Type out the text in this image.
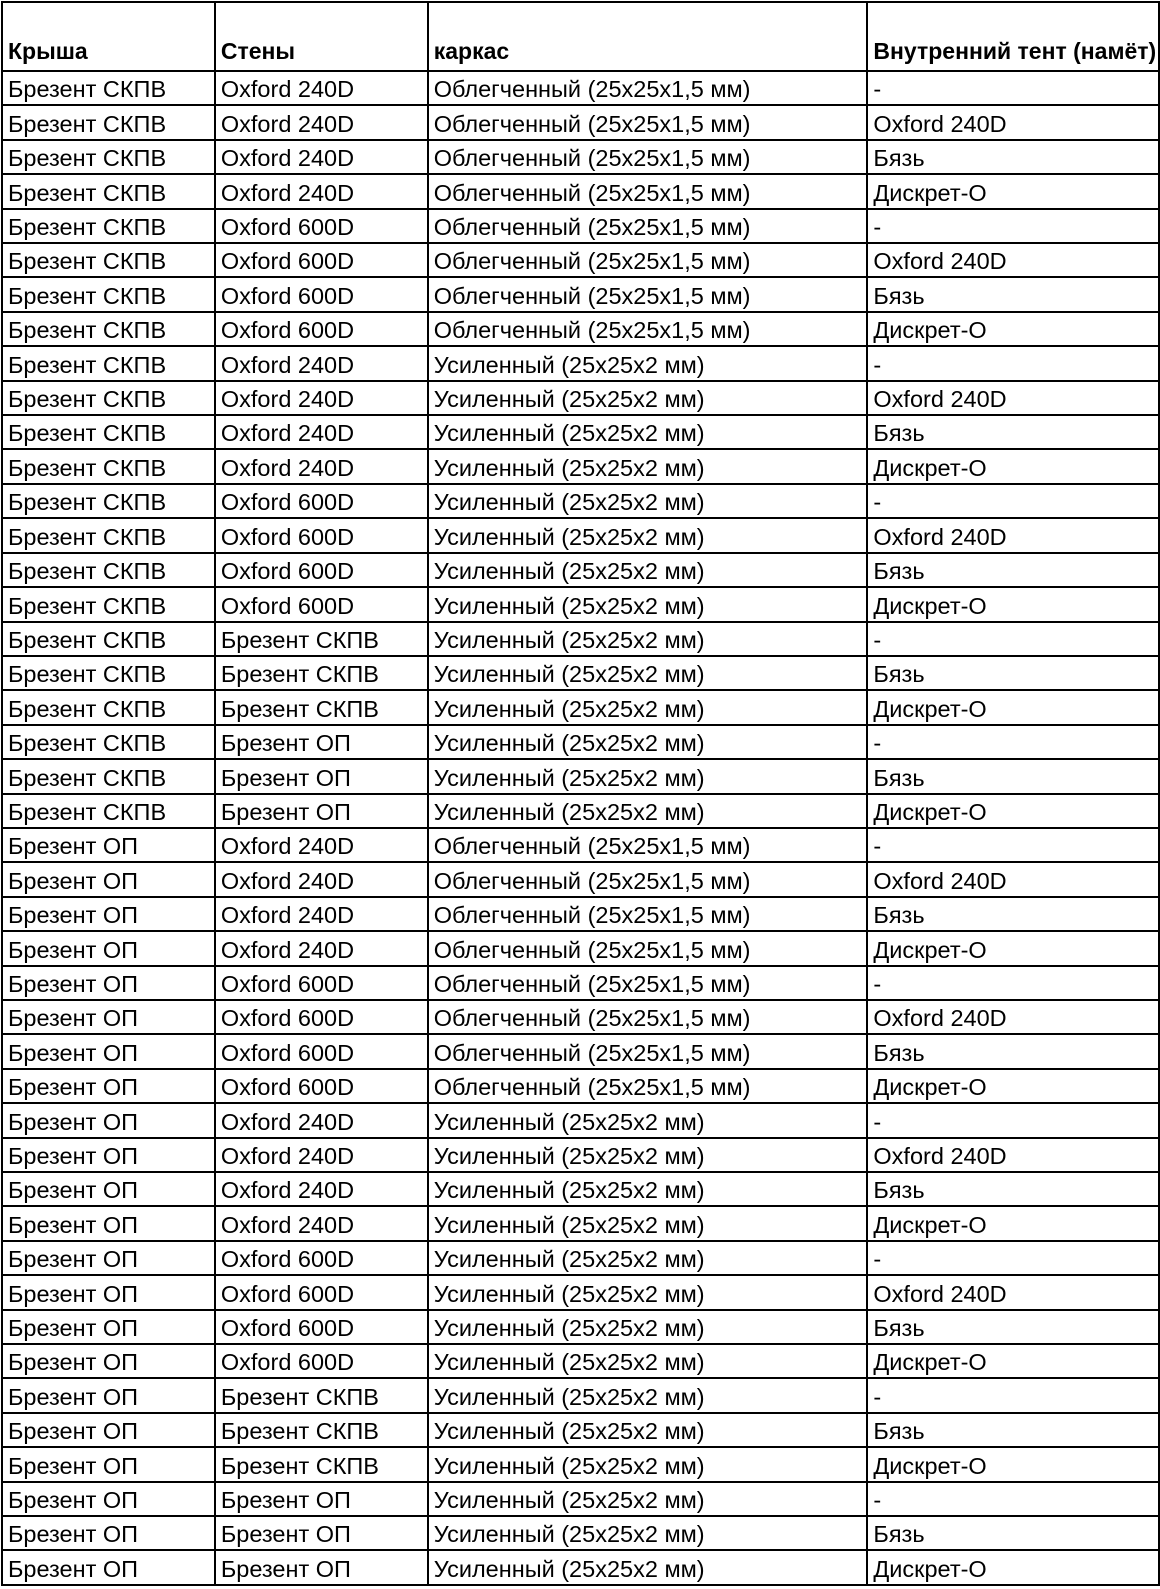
Крыша	Стены	каркас	Внутренний тент (намёт)
Брезент СКПВ	Oxford 240D	Облегченный (25х25х1,5 мм)	-
Брезент СКПВ	Oxford 240D	Облегченный (25х25х1,5 мм)	Oxford 240D
Брезент СКПВ	Oxford 240D	Облегченный (25х25х1,5 мм)	Бязь
Брезент СКПВ	Oxford 240D	Облегченный (25х25х1,5 мм)	Дискрет-О
Брезент СКПВ	Oxford 600D	Облегченный (25х25х1,5 мм)	-
Брезент СКПВ	Oxford 600D	Облегченный (25х25х1,5 мм)	Oxford 240D
Брезент СКПВ	Oxford 600D	Облегченный (25х25х1,5 мм)	Бязь
Брезент СКПВ	Oxford 600D	Облегченный (25х25х1,5 мм)	Дискрет-О
Брезент СКПВ	Oxford 240D	Усиленный (25х25х2 мм)	-
Брезент СКПВ	Oxford 240D	Усиленный (25х25х2 мм)	Oxford 240D
Брезент СКПВ	Oxford 240D	Усиленный (25х25х2 мм)	Бязь
Брезент СКПВ	Oxford 240D	Усиленный (25х25х2 мм)	Дискрет-О
Брезент СКПВ	Oxford 600D	Усиленный (25х25х2 мм)	-
Брезент СКПВ	Oxford 600D	Усиленный (25х25х2 мм)	Oxford 240D
Брезент СКПВ	Oxford 600D	Усиленный (25х25х2 мм)	Бязь
Брезент СКПВ	Oxford 600D	Усиленный (25х25х2 мм)	Дискрет-О
Брезент СКПВ	Брезент СКПВ	Усиленный (25х25х2 мм)	-
Брезент СКПВ	Брезент СКПВ	Усиленный (25х25х2 мм)	Бязь
Брезент СКПВ	Брезент СКПВ	Усиленный (25х25х2 мм)	Дискрет-О
Брезент СКПВ	Брезент ОП	Усиленный (25х25х2 мм)	-
Брезент СКПВ	Брезент ОП	Усиленный (25х25х2 мм)	Бязь
Брезент СКПВ	Брезент ОП	Усиленный (25х25х2 мм)	Дискрет-О
Брезент ОП	Oxford 240D	Облегченный (25х25х1,5 мм)	-
Брезент ОП	Oxford 240D	Облегченный (25х25х1,5 мм)	Oxford 240D
Брезент ОП	Oxford 240D	Облегченный (25х25х1,5 мм)	Бязь
Брезент ОП	Oxford 240D	Облегченный (25х25х1,5 мм)	Дискрет-О
Брезент ОП	Oxford 600D	Облегченный (25х25х1,5 мм)	-
Брезент ОП	Oxford 600D	Облегченный (25х25х1,5 мм)	Oxford 240D
Брезент ОП	Oxford 600D	Облегченный (25х25х1,5 мм)	Бязь
Брезент ОП	Oxford 600D	Облегченный (25х25х1,5 мм)	Дискрет-О
Брезент ОП	Oxford 240D	Усиленный (25х25х2 мм)	-
Брезент ОП	Oxford 240D	Усиленный (25х25х2 мм)	Oxford 240D
Брезент ОП	Oxford 240D	Усиленный (25х25х2 мм)	Бязь
Брезент ОП	Oxford 240D	Усиленный (25х25х2 мм)	Дискрет-О
Брезент ОП	Oxford 600D	Усиленный (25х25х2 мм)	-
Брезент ОП	Oxford 600D	Усиленный (25х25х2 мм)	Oxford 240D
Брезент ОП	Oxford 600D	Усиленный (25х25х2 мм)	Бязь
Брезент ОП	Oxford 600D	Усиленный (25х25х2 мм)	Дискрет-О
Брезент ОП	Брезент СКПВ	Усиленный (25х25х2 мм)	-
Брезент ОП	Брезент СКПВ	Усиленный (25х25х2 мм)	Бязь
Брезент ОП	Брезент СКПВ	Усиленный (25х25х2 мм)	Дискрет-О
Брезент ОП	Брезент ОП	Усиленный (25х25х2 мм)	-
Брезент ОП	Брезент ОП	Усиленный (25х25х2 мм)	Бязь
Брезент ОП	Брезент ОП	Усиленный (25х25х2 мм)	Дискрет-О
